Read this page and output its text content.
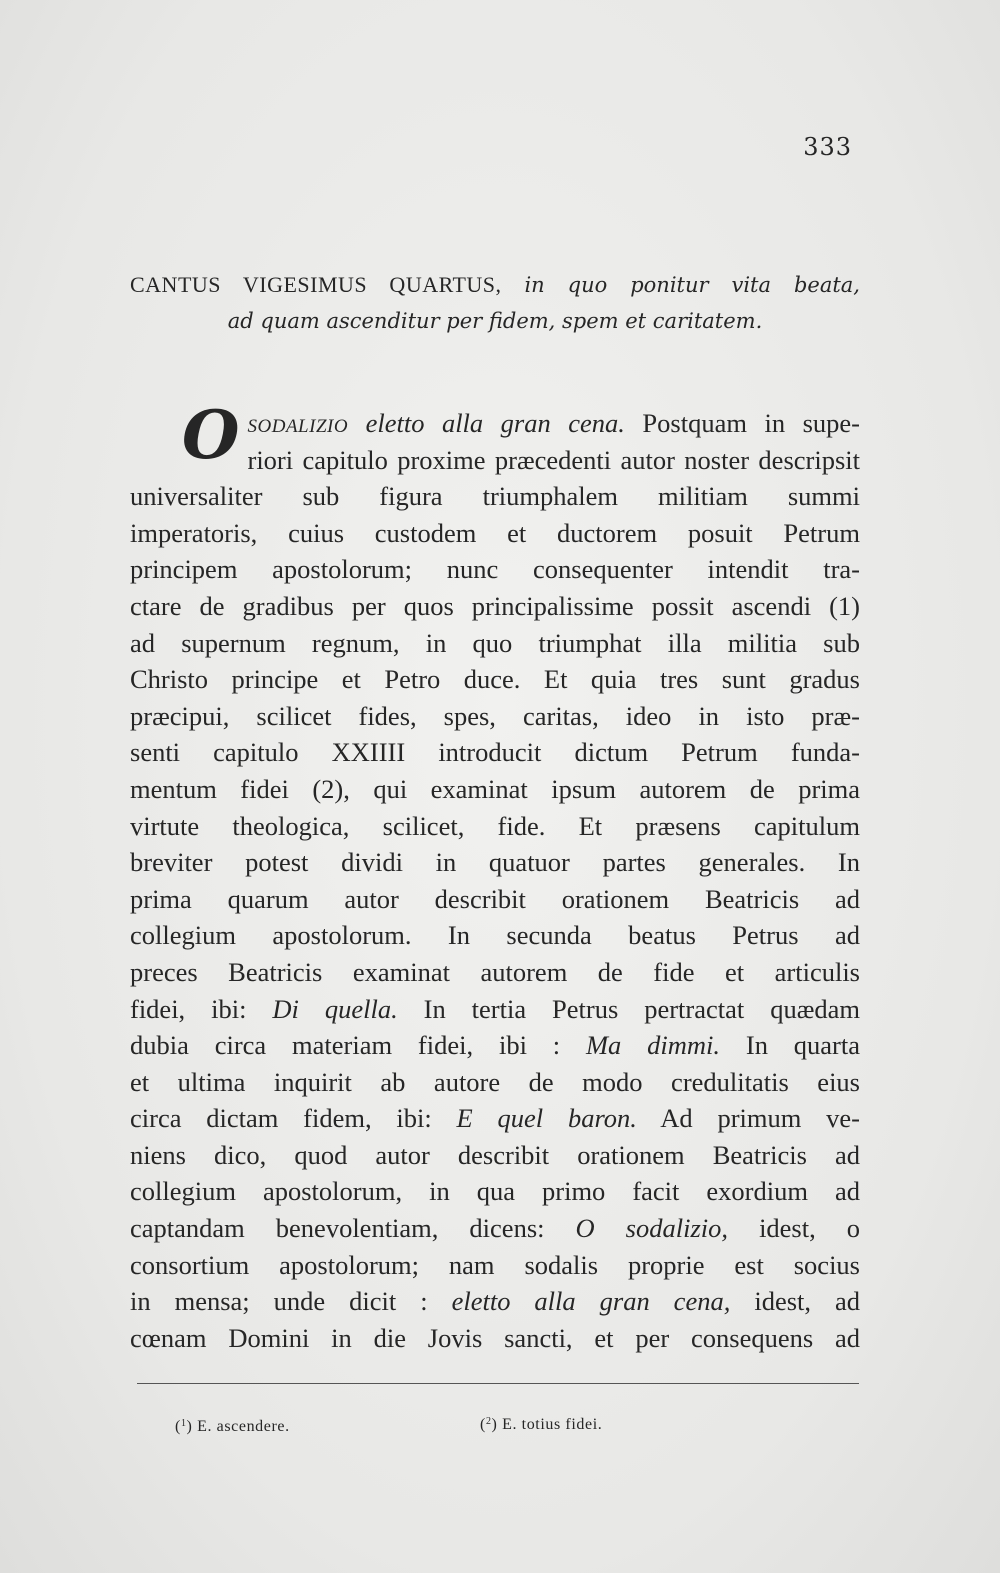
333
CANTUS VIGESIMUS QUARTUS, in quo ponitur vita beata,
ad quam ascenditur per fidem, spem et caritatem.
O sodalizio eletto alla gran cena. Postquam in supe-
riori capitulo proxime præcedenti autor noster descripsit
universaliter sub figura triumphalem militiam summi
imperatoris, cuius custodem et ductorem posuit Petrum
principem apostolorum; nunc consequenter intendit tra-
ctare de gradibus per quos principalissime possit ascendi (1)
ad supernum regnum, in quo triumphat illa militia sub
Christo principe et Petro duce. Et quia tres sunt gradus
præcipui, scilicet fides, spes, caritas, ideo in isto præ-
senti capitulo XXIIII introducit dictum Petrum funda-
mentum fidei (2), qui examinat ipsum autorem de prima
virtute theologica, scilicet, fide. Et præsens capitulum
breviter potest dividi in quatuor partes generales. In
prima quarum autor describit orationem Beatricis ad
collegium apostolorum. In secunda beatus Petrus ad
preces Beatricis examinat autorem de fide et articulis
fidei, ibi: Di quella. In tertia Petrus pertractat quædam
dubia circa materiam fidei, ibi : Ma dimmi. In quarta
et ultima inquirit ab autore de modo credulitatis eius
circa dictam fidem, ibi: E quel baron. Ad primum ve-
niens dico, quod autor describit orationem Beatricis ad
collegium apostolorum, in qua primo facit exordium ad
captandam benevolentiam, dicens: O sodalizio, idest, o
consortium apostolorum; nam sodalis proprie est socius
in mensa; unde dicit : eletto alla gran cena, idest, ad
cœnam Domini in die Jovis sancti, et per consequens ad
($^1$) E. ascendere.	($^2$) E. totius fidei.
